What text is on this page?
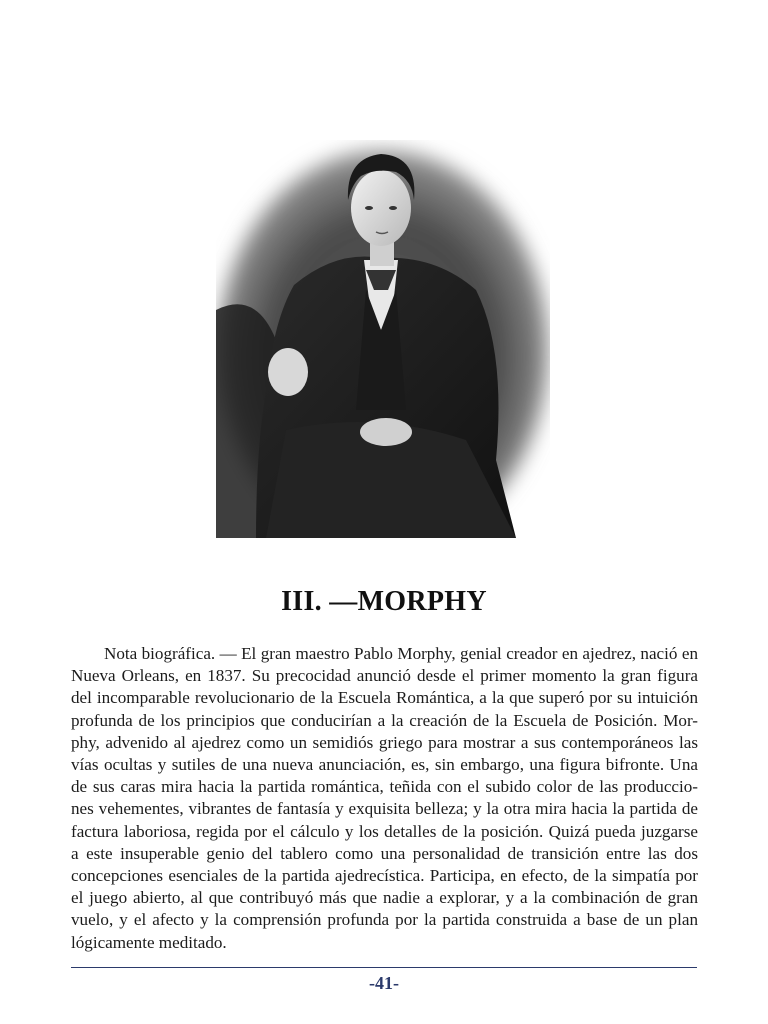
III. —MORPHY
Nota biográfica. — El gran maestro Pablo Morphy, genial creador en ajedrez, nació en
Nueva Orleans, en 1837. Su precocidad anunció desde el primer momento la gran figura
del incomparable revolucionario de la Escuela Romántica, a la que superó por su intuición
profunda de los principios que conducirían a la creación de la Escuela de Posición. Mor-
phy, advenido al ajedrez como un semidiós griego para mostrar a sus contemporáneos las
vías ocultas y sutiles de una nueva anunciación, es, sin embargo, una figura bifronte. Una
de sus caras mira hacia la partida romántica, teñida con el subido color de las produccio-
nes vehementes, vibrantes de fantasía y exquisita belleza; y la otra mira hacia la partida de
factura laboriosa, regida por el cálculo y los detalles de la posición. Quizá pueda juzgarse
a este insuperable genio del tablero como una personalidad de transición entre las dos
concepciones esenciales de la partida ajedrecística. Participa, en efecto, de la simpatía por
el juego abierto, al que contribuyó más que nadie a explorar, y a la combinación de gran
vuelo, y el afecto y la comprensión profunda por la partida construida a base de un plan
lógicamente meditado.
-41-
